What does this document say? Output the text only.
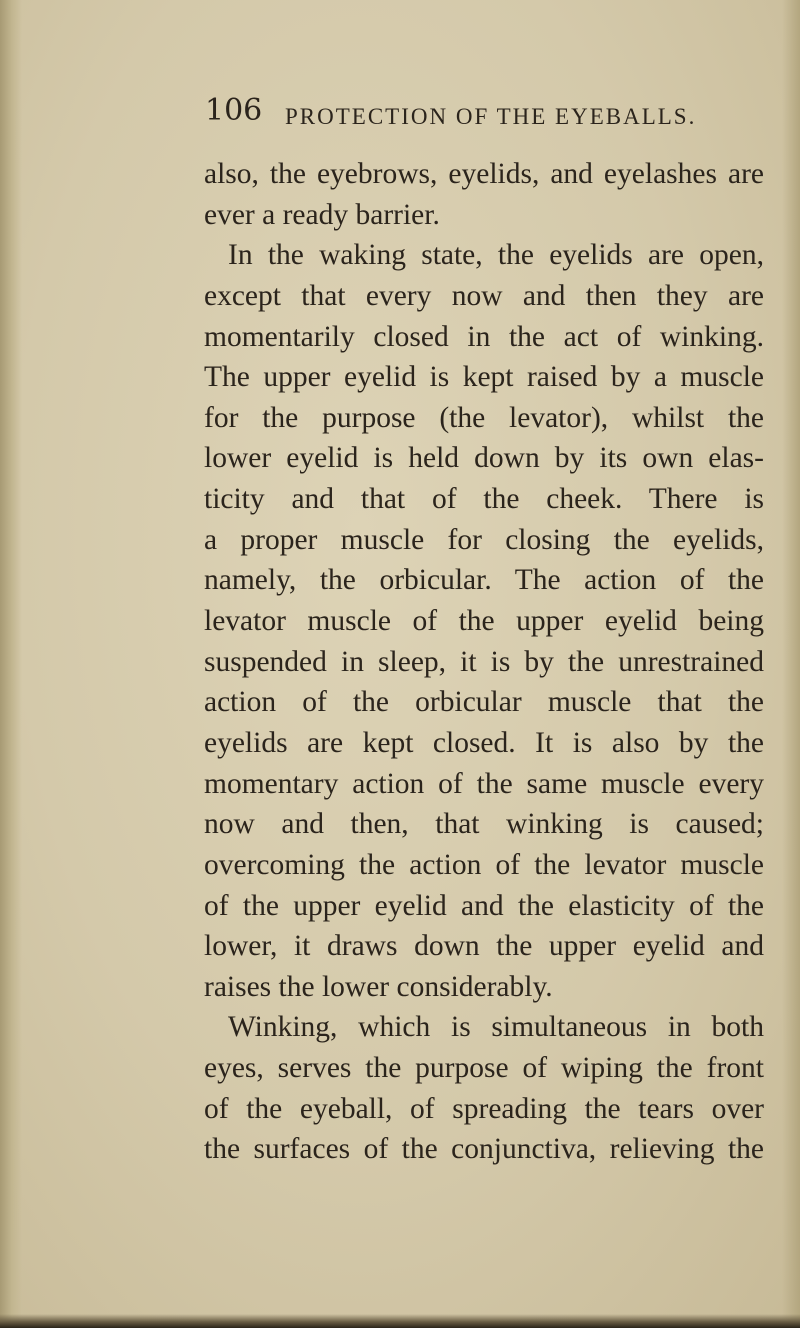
106 PROTECTION OF THE EYEBALLS.
also, the eyebrows, eyelids, and eyelashes are
ever a ready barrier.
In the waking state, the eyelids are open,
except that every now and then they are
momentarily closed in the act of winking.
The upper eyelid is kept raised by a muscle
for the purpose (the levator), whilst the
lower eyelid is held down by its own elas-
ticity and that of the cheek. There is
a proper muscle for closing the eyelids,
namely, the orbicular. The action of the
levator muscle of the upper eyelid being
suspended in sleep, it is by the unrestrained
action of the orbicular muscle that the
eyelids are kept closed. It is also by the
momentary action of the same muscle every
now and then, that winking is caused;
overcoming the action of the levator muscle
of the upper eyelid and the elasticity of the
lower, it draws down the upper eyelid and
raises the lower considerably.
Winking, which is simultaneous in both
eyes, serves the purpose of wiping the front
of the eyeball, of spreading the tears over
the surfaces of the conjunctiva, relieving the
